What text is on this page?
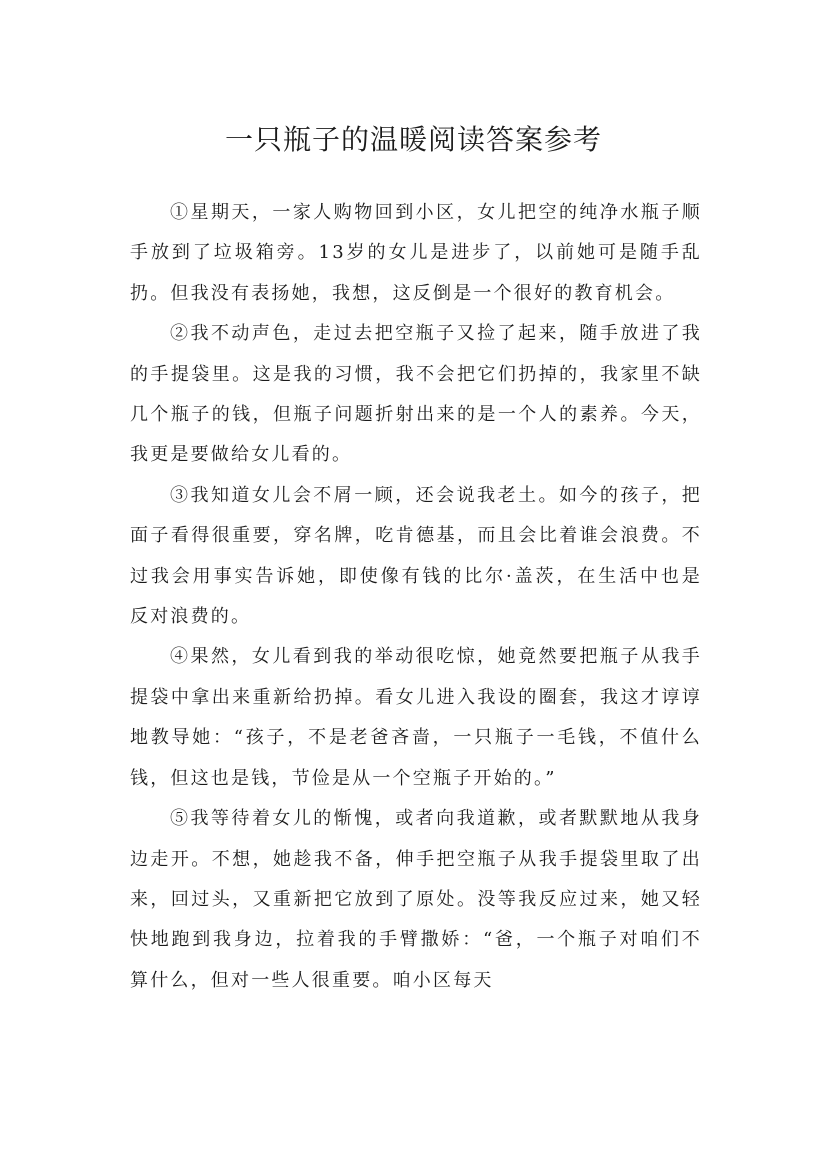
一只瓶子的温暖阅读答案参考

①星期天，一家人购物回到小区，女儿把空的纯净水瓶子顺手放到了垃圾箱旁。13岁的女儿是进步了，以前她可是随手乱扔。但我没有表扬她，我想，这反倒是一个很好的教育机会。

②我不动声色，走过去把空瓶子又捡了起来，随手放进了我的手提袋里。这是我的习惯，我不会把它们扔掉的，我家里不缺几个瓶子的钱，但瓶子问题折射出来的是一个人的素养。今天，我更是要做给女儿看的。

③我知道女儿会不屑一顾，还会说我老土。如今的孩子，把面子看得很重要，穿名牌，吃肯德基，而且会比着谁会浪费。不过我会用事实告诉她，即使像有钱的比尔·盖茨，在生活中也是反对浪费的。

④果然，女儿看到我的举动很吃惊，她竟然要把瓶子从我手提袋中拿出来重新给扔掉。看女儿进入我设的圈套，我这才谆谆地教导她：“孩子，不是老爸吝啬，一只瓶子一毛钱，不值什么钱，但这也是钱，节俭是从一个空瓶子开始的。”

⑤我等待着女儿的惭愧，或者向我道歉，或者默默地从我身边走开。不想，她趁我不备，伸手把空瓶子从我手提袋里取了出来，回过头，又重新把它放到了原处。没等我反应过来，她又轻快地跑到我身边，拉着我的手臂撒娇：“爸，一个瓶子对咱们不算什么，但对一些人很重要。咱小区每天
